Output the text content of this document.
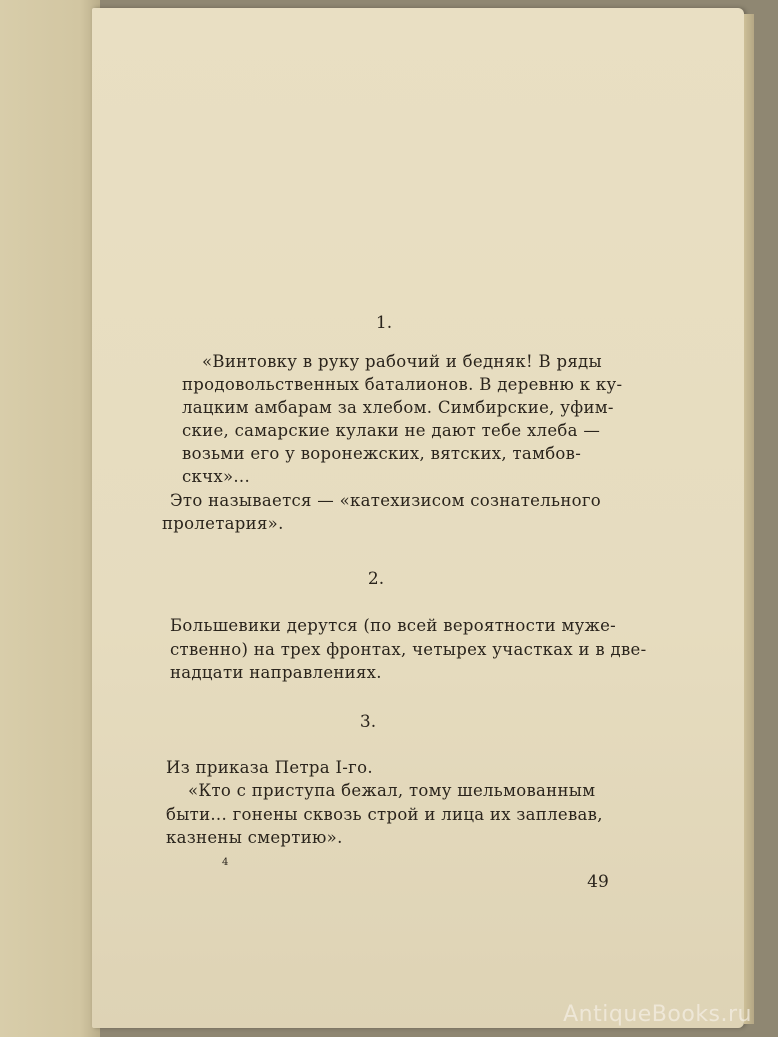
1.
«Винтовку в руку рабочий и бедняк! В ряды
продовольственных баталионов. В деревню к ку-
лацким амбарам за хлебом. Симбирские, уфим-
ские, самарские кулаки не дают тебе хлеба —
возьми его у воронежских, вятских, тамбов-
скчх»...
Это называется — «катехизисом сознательного
пролетария».
2.
Большевики дерутся (по всей вероятности муже-
ственно) на трех фронтах, четырех участках и в две-
надцати направлениях.
3.
Из приказа Петра I-го.
«Кто с приступа бежал, тому шельмованным
быти... гонены сквозь строй и лица их заплевав,
казнены смертию».
4
49
AntiqueBooks.ru
